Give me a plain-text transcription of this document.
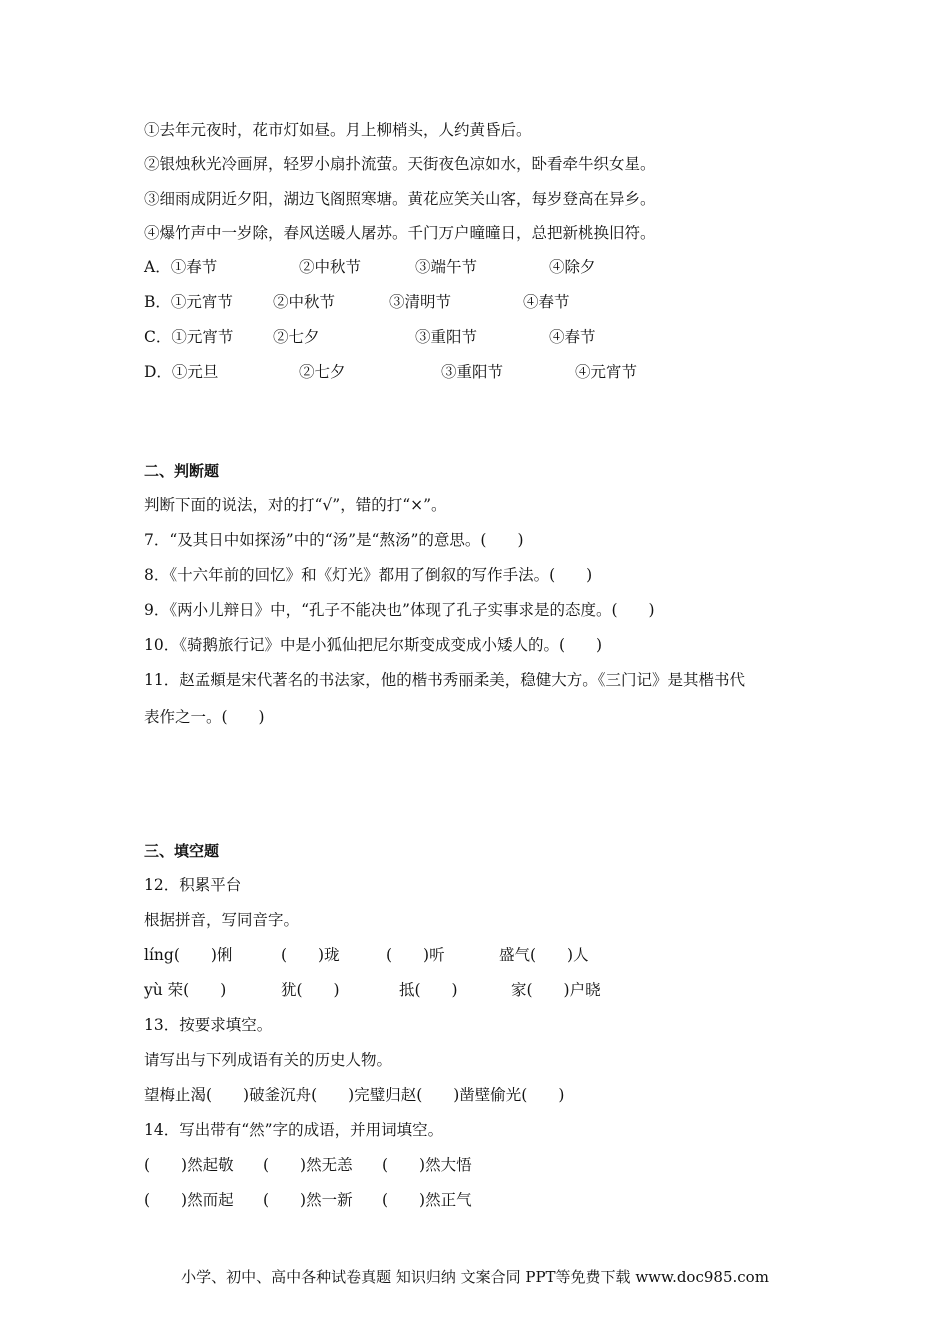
①去年元夜时，花市灯如昼。月上柳梢头，人约黄昏后。

②银烛秋光冷画屏，轻罗小扇扑流萤。天街夜色凉如水，卧看牵牛织女星。

③细雨成阴近夕阳，湖边飞阁照寒塘。黄花应笑关山客，每岁登高在异乡。

④爆竹声中一岁除，春风送暖人屠苏。千门万户曈曈日，总把新桃换旧符。

A．①春节	②中秋节	③端午节	④除夕
B．①元宵节	②中秋节	③清明节	④春节
C．①元宵节	②七夕	③重阳节	④春节
D．①元旦	②七夕	③重阳节	④元宵节

二、判断题

判断下面的说法，对的打“√”，错的打“×”。

7．“及其日中如探汤”中的“汤”是“熬汤”的意思。(　　)

8．《十六年前的回忆》和《灯光》都用了倒叙的写作手法。(　　)

9．《两小儿辩日》中，“孔子不能决也”体现了孔子实事求是的态度。(　　)

10．《骑鹅旅行记》中是小狐仙把尼尔斯变成变成小矮人的。(　　)

11．赵孟頫是宋代著名的书法家，他的楷书秀丽柔美，稳健大方。《三门记》是其楷书代

表作之一。(　　)

三、填空题

12．积累平台

根据拼音，写同音字。

líng(　　)俐	(　　)珑	(　　)听	盛气(　　)人
yù 荣(　　)	犹(　　)	抵(　　)	家(　　)户晓

13．按要求填空。

请写出与下列成语有关的历史人物。

望梅止渴(　　)破釜沉舟(　　)完璧归赵(　　)凿壁偷光(　　)

14．写出带有“然”字的成语，并用词填空。

(　　)然起敬 (　　)然无恙 (　　)然大悟
(　　)然而起 (　　)然一新 (　　)然正气
小学、初中、高中各种试卷真题 知识归纳 文案合同 PPT等免费下载 www.doc985.com
